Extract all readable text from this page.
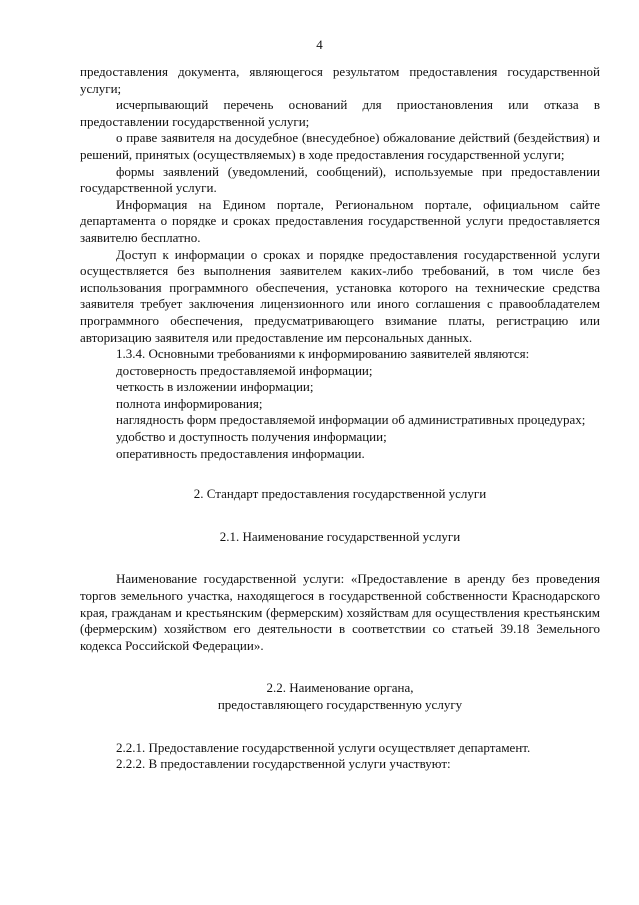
4

предоставления документа, являющегося результатом предоставления государственной услуги;

исчерпывающий перечень оснований для приостановления или отказа в предоставлении государственной услуги;

о праве заявителя на досудебное (внесудебное) обжалование действий (бездействия) и решений, принятых (осуществляемых) в ходе предоставления государственной услуги;

формы заявлений (уведомлений, сообщений), используемые при предоставлении государственной услуги.

Информация на Едином портале, Региональном портале, официальном сайте департамента о порядке и сроках предоставления государственной услуги предоставляется заявителю бесплатно.

Доступ к информации о сроках и порядке предоставления государственной услуги осуществляется без выполнения заявителем каких-либо требований, в том числе без использования программного обеспечения, установка которого на технические средства заявителя требует заключения лицензионного или иного соглашения с правообладателем программного обеспечения, предусматривающего взимание платы, регистрацию или авторизацию заявителя или предоставление им персональных данных.

1.3.4. Основными требованиями к информированию заявителей являются:

достоверность предоставляемой информации;

четкость в изложении информации;

полнота информирования;

наглядность форм предоставляемой информации об административных процедурах;

удобство и доступность получения информации;

оперативность предоставления информации.

2. Стандарт предоставления государственной услуги

2.1. Наименование государственной услуги

Наименование государственной услуги: «Предоставление в аренду без проведения торгов земельного участка, находящегося в государственной собственности Краснодарского края, гражданам и крестьянским (фермерским) хозяйствам для осуществления крестьянским (фермерским) хозяйством его деятельности в соответствии со статьей 39.18 Земельного кодекса Российской Федерации».

2.2. Наименование органа,

предоставляющего государственную услугу

2.2.1. Предоставление государственной услуги осуществляет департамент.

2.2.2. В предоставлении государственной услуги участвуют:
